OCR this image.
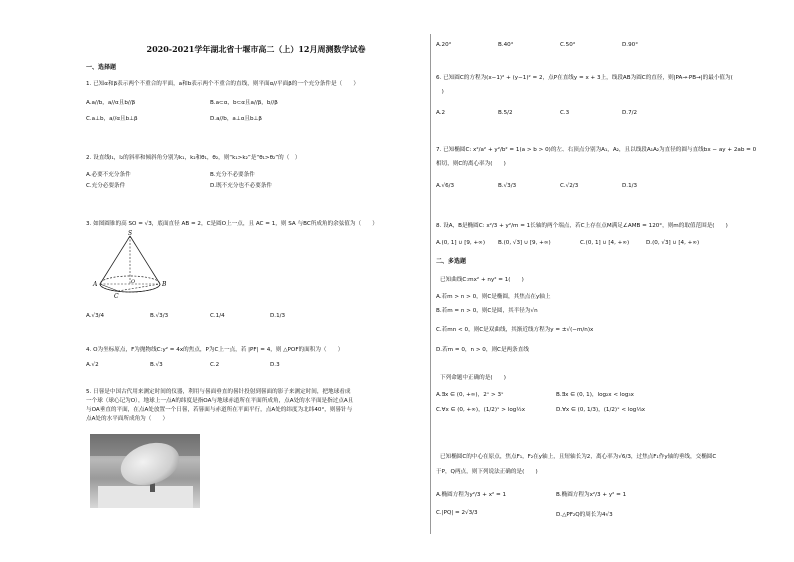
2020-2021学年湖北省十堰市高二（上）12月周测数学试卷
一、选择题
1. 已知α和β表示两个不重合的平面，a和b表示两个不重合的直线，则平面α//平面β的一个充分条件是（　　）
A.a//b，a//α且b//β	B.a⊂α，b⊂α且a//β，b//β
C.a⊥b，a//α且b⊥β	D.a//b，a⊥α且b⊥β
2. 设直线l₁，l₂的斜率和倾斜角分别为k₁，k₂和θ₁，θ₂，则“k₁>k₂”是“θ₁>θ₂”的（　）
A.必要不充分条件	B.充分不必要条件
C.充分必要条件	D.既不充分也不必要条件
3. 如图圆锥的高 SO = √3，底面直径 AB = 2，C是圆O上一点，且 AC = 1，则 SA 与BC所成角的余弦值为（　　）
S
A	O	B
C
A.√3/4	B.√3/3	C.1/4	D.1/3
4. O为坐标原点，F为抛物线C:y² = 4x的焦点，P为C上一点，若 |PF| = 4，则 △POF的面积为（　　）
A.√2	B.√3	C.2	D.3
5. 日晷是中国古代用来测定时间的仪器，利用与晷面垂直的晷针投射到晷面的影子来测定时间，把地球看成
一个球（球心记为O），地球上一点A的纬度是指OA与地球赤道所在平面所成角，点A处的水平面是指过点A且
与OA垂直的平面，在点A处放置一个日晷，若晷面与赤道所在平面平行，点A处的纬度为北纬40°，则晷针与
点A处的水平面所成角为（　　）
A.20°	B.40°	C.50°	D.90°
6. 已知圆C的方程为(x−1)² + (y−1)² = 2，点P在直线y = x + 3上，线段AB为圆C的直径，则|PA→·PB→|的最小值为(
　)
A.2	B.5/2	C.3	D.7/2
7. 已知椭圆C: x²/a² + y²/b² = 1(a > b > 0)的左、右顶点分别为A₁，A₂，且以线段A₁A₂为直径的圆与直线bx − ay + 2ab = 0
相切，则C的离心率为(　　)
A.√6/3	B.√3/3	C.√2/3	D.1/3
8. 设A，B是椭圆C: x²/3 + y²/m = 1长轴的两个端点，若C上存在点M满足∠AMB = 120°，则m的取值范围是(　　)
A.(0, 1] ∪ [9, +∞) B.(0, √3] ∪ [9, +∞)	C.(0, 1] ∪ [4, +∞)	D.(0, √3] ∪ [4, +∞)
二、多选题
已知曲线C:mx² + ny² = 1(　　)
A.若m > n > 0，则C是椭圆，其焦点在y轴上
B.若m = n > 0，则C是圆，其半径为√n
C.若mn < 0，则C是双曲线，其渐近线方程为y = ±√(−m/n)x
D.若m = 0，n > 0，则C是两条直线
下列命题中正确的是(　　)
A.∃x ∈ (0, +∞)，2ˣ > 3ˣ	B.∃x ∈ (0, 1)，log₂x < log₃x
C.∀x ∈ (0, +∞)，(1/2)ˣ > log½x	D.∀x ∈ (0, 1/3)，(1/2)ˣ < log⅓x
已知椭圆C的中心在原点，焦点F₁，F₂在y轴上，且短轴长为2，离心率为√6/3，过焦点F₁作y轴的垂线，交椭圆C
于P，Q两点，则下列说法正确的是(　　)
A.椭圆方程为y²/3 + x² = 1	B.椭圆方程为x²/3 + y² = 1
C.|PQ| = 2√3/3	D.△PF₂Q的周长为4√3
